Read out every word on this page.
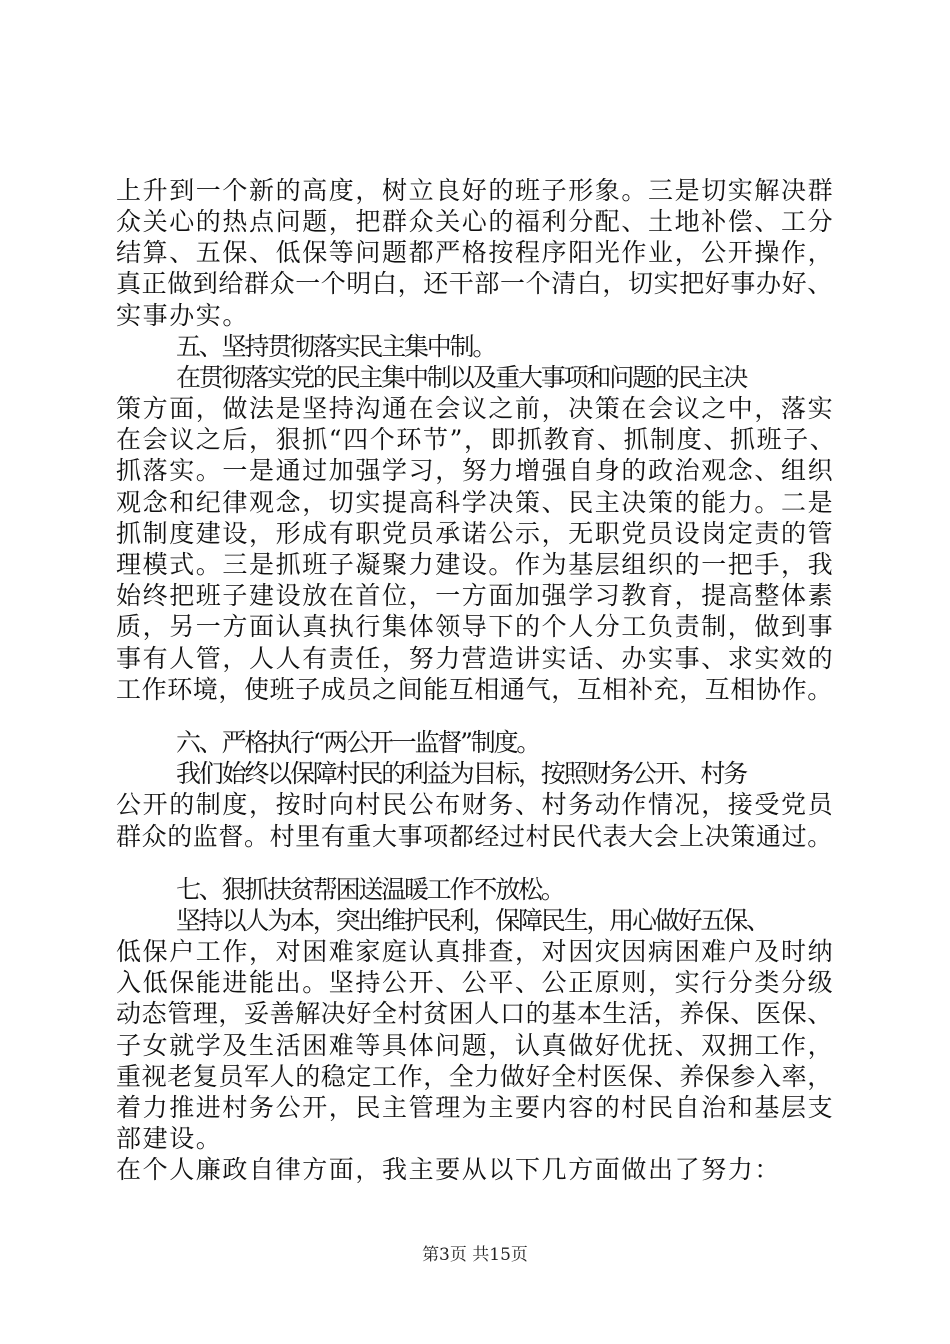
上升到一个新的高度，树立良好的班子形象。三是切实解决群
众关心的热点问题，把群众关心的福利分配、土地补偿、工分
结算、五保、低保等问题都严格按程序阳光作业，公开操作，
真正做到给群众一个明白，还干部一个清白，切实把好事办好、
实事办实。
五、坚持贯彻落实民主集中制。
在贯彻落实党的民主集中制以及重大事项和问题的民主决
策方面，做法是坚持沟通在会议之前，决策在会议之中，落实
在会议之后，狠抓“四个环节”，即抓教育、抓制度、抓班子、
抓落实。一是通过加强学习，努力增强自身的政治观念、组织
观念和纪律观念，切实提高科学决策、民主决策的能力。二是
抓制度建设，形成有职党员承诺公示，无职党员设岗定责的管
理模式。三是抓班子凝聚力建设。作为基层组织的一把手，我
始终把班子建设放在首位，一方面加强学习教育，提高整体素
质，另一方面认真执行集体领导下的个人分工负责制，做到事
事有人管，人人有责任，努力营造讲实话、办实事、求实效的
工作环境，使班子成员之间能互相通气，互相补充，互相协作。
六、严格执行“两公开一监督”制度。
我们始终以保障村民的利益为目标，按照财务公开、村务
公开的制度，按时向村民公布财务、村务动作情况，接受党员
群众的监督。村里有重大事项都经过村民代表大会上决策通过。
七、狠抓扶贫帮困送温暖工作不放松。
坚持以人为本，突出维护民利，保障民生，用心做好五保、
低保户工作，对困难家庭认真排查，对因灾因病困难户及时纳
入低保能进能出。坚持公开、公平、公正原则，实行分类分级
动态管理，妥善解决好全村贫困人口的基本生活，养保、医保、
子女就学及生活困难等具体问题，认真做好优抚、双拥工作，
重视老复员军人的稳定工作，全力做好全村医保、养保参入率，
着力推进村务公开，民主管理为主要内容的村民自治和基层支
部建设。
在个人廉政自律方面，我主要从以下几方面做出了努力：
第3页 共15页
